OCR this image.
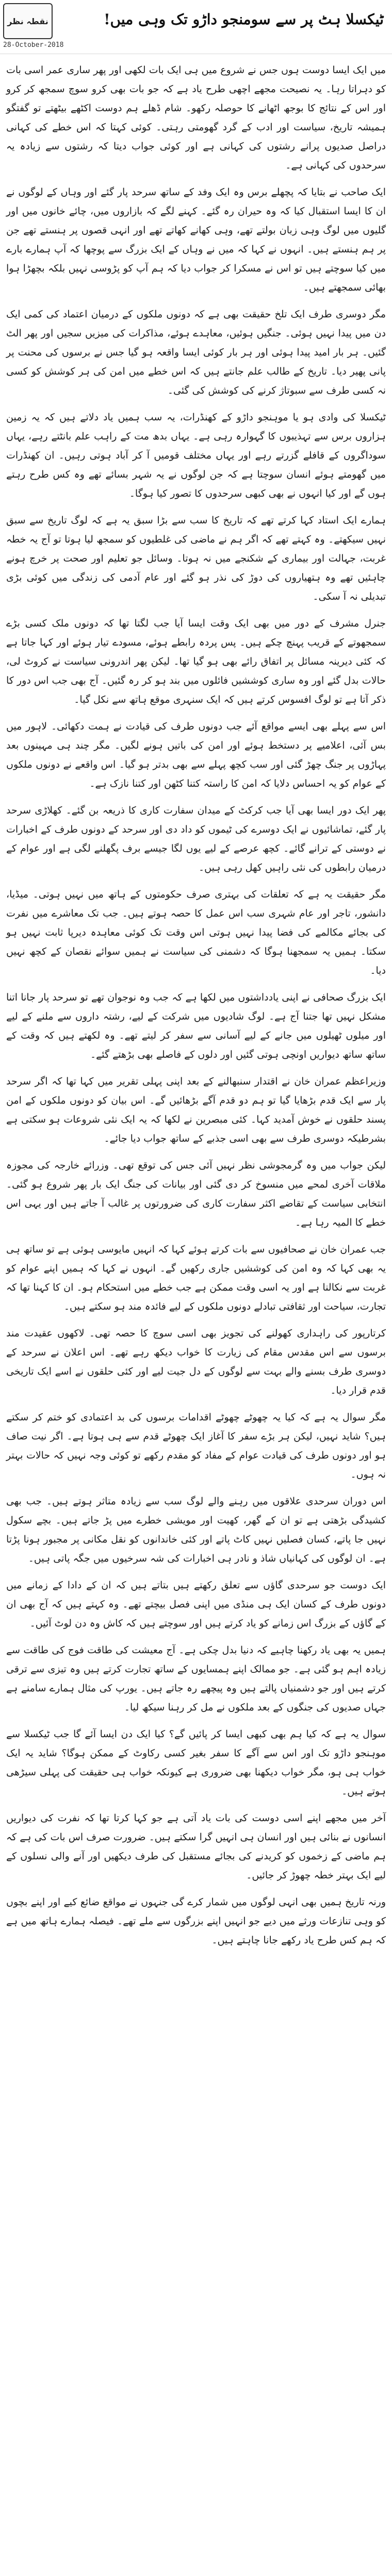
نقطہ نظر
28-October-2018
ٹیکسلا ہٹ پر سے سومنجو داڑو تک وہی میں!

میں ایک ایسا دوست ہوں جس نے شروع میں ہی ایک بات لکھی اور پھر ساری عمر اسی بات کو دہراتا رہا۔ یہ نصیحت مجھے اچھی طرح یاد ہے کہ جو بات بھی کرو سوچ سمجھ کر کرو اور اس کے نتائج کا بوجھ اٹھانے کا حوصلہ رکھو۔ شام ڈھلے ہم دوست اکٹھے بیٹھتے تو گفتگو ہمیشہ تاریخ، سیاست اور ادب کے گرد گھومتی رہتی۔ کوئی کہتا کہ اس خطے کی کہانی دراصل صدیوں پرانے رشتوں کی کہانی ہے اور کوئی جواب دیتا کہ رشتوں سے زیادہ یہ سرحدوں کی کہانی ہے۔

ایک صاحب نے بتایا کہ پچھلے برس وہ ایک وفد کے ساتھ سرحد پار گئے اور وہاں کے لوگوں نے ان کا ایسا استقبال کیا کہ وہ حیران رہ گئے۔ کہنے لگے کہ بازاروں میں، چائے خانوں میں اور گلیوں میں لوگ وہی زبان بولتے تھے، وہی کھانے کھاتے تھے اور انہی قصوں پر ہنستے تھے جن پر ہم ہنستے ہیں۔ انہوں نے کہا کہ میں نے وہاں کے ایک بزرگ سے پوچھا کہ آپ ہمارے بارے میں کیا سوچتے ہیں تو اس نے مسکرا کر جواب دیا کہ ہم آپ کو پڑوسی نہیں بلکہ بچھڑا ہوا بھائی سمجھتے ہیں۔

مگر دوسری طرف ایک تلخ حقیقت بھی ہے کہ دونوں ملکوں کے درمیان اعتماد کی کمی ایک دن میں پیدا نہیں ہوئی۔ جنگیں ہوئیں، معاہدے ہوئے، مذاکرات کی میزیں سجیں اور پھر الٹ گئیں۔ ہر بار امید پیدا ہوئی اور ہر بار کوئی ایسا واقعہ ہو گیا جس نے برسوں کی محنت پر پانی پھیر دیا۔ تاریخ کے طالب علم جانتے ہیں کہ اس خطے میں امن کی ہر کوشش کو کسی نہ کسی طرف سے سبوتاژ کرنے کی کوشش کی گئی۔

ٹیکسلا کی وادی ہو یا موہنجو داڑو کے کھنڈرات، یہ سب ہمیں یاد دلاتے ہیں کہ یہ زمین ہزاروں برس سے تہذیبوں کا گہوارہ رہی ہے۔ یہاں بدھ مت کے راہب علم بانٹتے رہے، یہاں سوداگروں کے قافلے گزرتے رہے اور یہاں مختلف قومیں آ کر آباد ہوتی رہیں۔ ان کھنڈرات میں گھومتے ہوئے انسان سوچتا ہے کہ جن لوگوں نے یہ شہر بسائے تھے وہ کس طرح رہتے ہوں گے اور کیا انہوں نے بھی کبھی سرحدوں کا تصور کیا ہوگا۔

ہمارے ایک استاد کہا کرتے تھے کہ تاریخ کا سب سے بڑا سبق یہ ہے کہ لوگ تاریخ سے سبق نہیں سیکھتے۔ وہ کہتے تھے کہ اگر ہم نے ماضی کی غلطیوں کو سمجھ لیا ہوتا تو آج یہ خطہ غربت، جہالت اور بیماری کے شکنجے میں نہ ہوتا۔ وسائل جو تعلیم اور صحت پر خرچ ہونے چاہئیں تھے وہ ہتھیاروں کی دوڑ کی نذر ہو گئے اور عام آدمی کی زندگی میں کوئی بڑی تبدیلی نہ آ سکی۔

جنرل مشرف کے دور میں بھی ایک وقت ایسا آیا جب لگتا تھا کہ دونوں ملک کسی بڑے سمجھوتے کے قریب پہنچ چکے ہیں۔ پس پردہ رابطے ہوئے، مسودے تیار ہوئے اور کہا جاتا ہے کہ کئی دیرینہ مسائل پر اتفاق رائے بھی ہو گیا تھا۔ لیکن پھر اندرونی سیاست نے کروٹ لی، حالات بدل گئے اور وہ ساری کوششیں فائلوں میں بند ہو کر رہ گئیں۔ آج بھی جب اس دور کا ذکر آتا ہے تو لوگ افسوس کرتے ہیں کہ ایک سنہری موقع ہاتھ سے نکل گیا۔

اس سے پہلے بھی ایسے مواقع آئے جب دونوں طرف کی قیادت نے ہمت دکھائی۔ لاہور میں بس آئی، اعلامیے پر دستخط ہوئے اور امن کی باتیں ہونے لگیں۔ مگر چند ہی مہینوں بعد پہاڑوں پر جنگ چھڑ گئی اور سب کچھ پہلے سے بھی بدتر ہو گیا۔ اس واقعے نے دونوں ملکوں کے عوام کو یہ احساس دلایا کہ امن کا راستہ کتنا کٹھن اور کتنا نازک ہے۔

پھر ایک دور ایسا بھی آیا جب کرکٹ کے میدان سفارت کاری کا ذریعہ بن گئے۔ کھلاڑی سرحد پار گئے، تماشائیوں نے ایک دوسرے کی ٹیموں کو داد دی اور سرحد کے دونوں طرف کے اخبارات نے دوستی کے ترانے گائے۔ کچھ عرصے کے لیے یوں لگا جیسے برف پگھلنے لگی ہے اور عوام کے درمیان رابطوں کی نئی راہیں کھل رہی ہیں۔

مگر حقیقت یہ ہے کہ تعلقات کی بہتری صرف حکومتوں کے ہاتھ میں نہیں ہوتی۔ میڈیا، دانشور، تاجر اور عام شہری سب اس عمل کا حصہ ہوتے ہیں۔ جب تک معاشرے میں نفرت کی بجائے مکالمے کی فضا پیدا نہیں ہوتی اس وقت تک کوئی معاہدہ دیرپا ثابت نہیں ہو سکتا۔ ہمیں یہ سمجھنا ہوگا کہ دشمنی کی سیاست نے ہمیں سوائے نقصان کے کچھ نہیں دیا۔

ایک بزرگ صحافی نے اپنی یادداشتوں میں لکھا ہے کہ جب وہ نوجوان تھے تو سرحد پار جانا اتنا مشکل نہیں تھا جتنا آج ہے۔ لوگ شادیوں میں شرکت کے لیے، رشتہ داروں سے ملنے کے لیے اور میلوں ٹھیلوں میں جانے کے لیے آسانی سے سفر کر لیتے تھے۔ وہ لکھتے ہیں کہ وقت کے ساتھ ساتھ دیواریں اونچی ہوتی گئیں اور دلوں کے فاصلے بھی بڑھتے گئے۔

وزیراعظم عمران خان نے اقتدار سنبھالنے کے بعد اپنی پہلی تقریر میں کہا تھا کہ اگر سرحد پار سے ایک قدم بڑھایا گیا تو ہم دو قدم آگے بڑھائیں گے۔ اس بیان کو دونوں ملکوں کے امن پسند حلقوں نے خوش آمدید کہا۔ کئی مبصرین نے لکھا کہ یہ ایک نئی شروعات ہو سکتی ہے بشرطیکہ دوسری طرف سے بھی اسی جذبے کے ساتھ جواب دیا جائے۔

لیکن جواب میں وہ گرمجوشی نظر نہیں آئی جس کی توقع تھی۔ وزرائے خارجہ کی مجوزہ ملاقات آخری لمحے میں منسوخ کر دی گئی اور بیانات کی جنگ ایک بار پھر شروع ہو گئی۔ انتخابی سیاست کے تقاضے اکثر سفارت کاری کی ضرورتوں پر غالب آ جاتے ہیں اور یہی اس خطے کا المیہ رہا ہے۔

جب عمران خان نے صحافیوں سے بات کرتے ہوئے کہا کہ انہیں مایوسی ہوئی ہے تو ساتھ ہی یہ بھی کہا کہ وہ امن کی کوششیں جاری رکھیں گے۔ انہوں نے کہا کہ ہمیں اپنے عوام کو غربت سے نکالنا ہے اور یہ اسی وقت ممکن ہے جب خطے میں استحکام ہو۔ ان کا کہنا تھا کہ تجارت، سیاحت اور ثقافتی تبادلے دونوں ملکوں کے لیے فائدہ مند ہو سکتے ہیں۔

کرتارپور کی راہداری کھولنے کی تجویز بھی اسی سوچ کا حصہ تھی۔ لاکھوں عقیدت مند برسوں سے اس مقدس مقام کی زیارت کا خواب دیکھ رہے تھے۔ اس اعلان نے سرحد کے دوسری طرف بسنے والے بہت سے لوگوں کے دل جیت لیے اور کئی حلقوں نے اسے ایک تاریخی قدم قرار دیا۔

مگر سوال یہ ہے کہ کیا یہ چھوٹے چھوٹے اقدامات برسوں کی بد اعتمادی کو ختم کر سکتے ہیں؟ شاید نہیں، لیکن ہر بڑے سفر کا آغاز ایک چھوٹے قدم سے ہی ہوتا ہے۔ اگر نیت صاف ہو اور دونوں طرف کی قیادت عوام کے مفاد کو مقدم رکھے تو کوئی وجہ نہیں کہ حالات بہتر نہ ہوں۔

اس دوران سرحدی علاقوں میں رہنے والے لوگ سب سے زیادہ متاثر ہوتے ہیں۔ جب بھی کشیدگی بڑھتی ہے تو ان کے گھر، کھیت اور مویشی خطرے میں پڑ جاتے ہیں۔ بچے سکول نہیں جا پاتے، کسان فصلیں نہیں کاٹ پاتے اور کئی خاندانوں کو نقل مکانی پر مجبور ہونا پڑتا ہے۔ ان لوگوں کی کہانیاں شاذ و نادر ہی اخبارات کی شہ سرخیوں میں جگہ پاتی ہیں۔

ایک دوست جو سرحدی گاؤں سے تعلق رکھتے ہیں بتاتے ہیں کہ ان کے دادا کے زمانے میں دونوں طرف کے کسان ایک ہی منڈی میں اپنی فصل بیچتے تھے۔ وہ کہتے ہیں کہ آج بھی ان کے گاؤں کے بزرگ اس زمانے کو یاد کرتے ہیں اور سوچتے ہیں کہ کاش وہ دن لوٹ آئیں۔

ہمیں یہ بھی یاد رکھنا چاہیے کہ دنیا بدل چکی ہے۔ آج معیشت کی طاقت فوج کی طاقت سے زیادہ اہم ہو گئی ہے۔ جو ممالک اپنے ہمسایوں کے ساتھ تجارت کرتے ہیں وہ تیزی سے ترقی کرتے ہیں اور جو دشمنیاں پالتے ہیں وہ پیچھے رہ جاتے ہیں۔ یورپ کی مثال ہمارے سامنے ہے جہاں صدیوں کی جنگوں کے بعد ملکوں نے مل کر رہنا سیکھ لیا۔

سوال یہ ہے کہ کیا ہم بھی کبھی ایسا کر پائیں گے؟ کیا ایک دن ایسا آئے گا جب ٹیکسلا سے موہنجو داڑو تک اور اس سے آگے کا سفر بغیر کسی رکاوٹ کے ممکن ہوگا؟ شاید یہ ایک خواب ہی ہو، مگر خواب دیکھنا بھی ضروری ہے کیونکہ خواب ہی حقیقت کی پہلی سیڑھی ہوتے ہیں۔

آخر میں مجھے اپنے اسی دوست کی بات یاد آتی ہے جو کہا کرتا تھا کہ نفرت کی دیواریں انسانوں نے بنائی ہیں اور انسان ہی انہیں گرا سکتے ہیں۔ ضرورت صرف اس بات کی ہے کہ ہم ماضی کے زخموں کو کریدنے کی بجائے مستقبل کی طرف دیکھیں اور آنے والی نسلوں کے لیے ایک بہتر خطہ چھوڑ کر جائیں۔

ورنہ تاریخ ہمیں بھی انہی لوگوں میں شمار کرے گی جنہوں نے مواقع ضائع کیے اور اپنے بچوں کو وہی تنازعات ورثے میں دیے جو انہیں اپنے بزرگوں سے ملے تھے۔ فیصلہ ہمارے ہاتھ میں ہے کہ ہم کس طرح یاد رکھے جانا چاہتے ہیں۔
